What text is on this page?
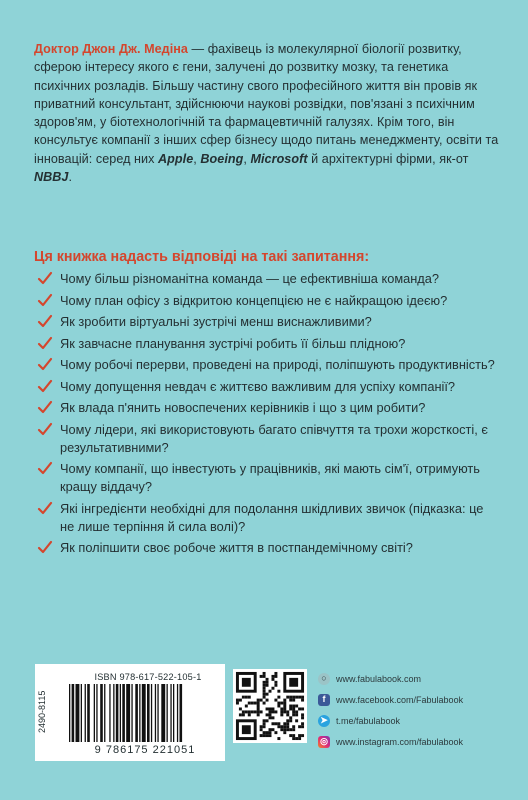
Доктор Джон Дж. Медіна — фахівець із молекулярної біології розвитку, сферою інтересу якого є гени, залучені до розвитку мозку, та генетика психічних розладів. Більшу частину свого професійного життя він провів як приватний консультант, здійснюючи наукові розвідки, пов'язані з психічним здоров'ям, у біотехнологічній та фармацевтичній галузях. Крім того, він консультує компанії з інших сфер бізнесу щодо питань менеджменту, освіти та інновацій: серед них Apple, Boeing, Microsoft й архітектурні фірми, як-от NBBJ.
Ця книжка надасть відповіді на такі запитання:
Чому більш різноманітна команда — це ефективніша команда?
Чому план офісу з відкритою концепцією не є найкращою ідеєю?
Як зробити віртуальні зустрічі менш виснажливими?
Як завчасне планування зустрічі робить її більш плідною?
Чому робочі перерви, проведені на природі, поліпшують продуктивність?
Чому допущення невдач є життєво важливим для успіху компанії?
Як влада п'янить новоспечених керівників і що з цим робити?
Чому лідери, які використовують багато співчуття та трохи жорсткості, є результативними?
Чому компанії, що інвестують у працівників, які мають сім'ї, отримують кращу віддачу?
Які інгредієнти необхідні для подолання шкідливих звичок (підказка: це не лише терпіння й сила волі)?
Як поліпшити своє робоче життя в постпандемічному світі?
2490-8115
ISBN 978-617-522-105-1
9 786175 221051
○	www.fabulabook.com
f	www.facebook.com/Fabulabook
➤ t.me/fabulabook
◎ www.instagram.com/fabulabook
